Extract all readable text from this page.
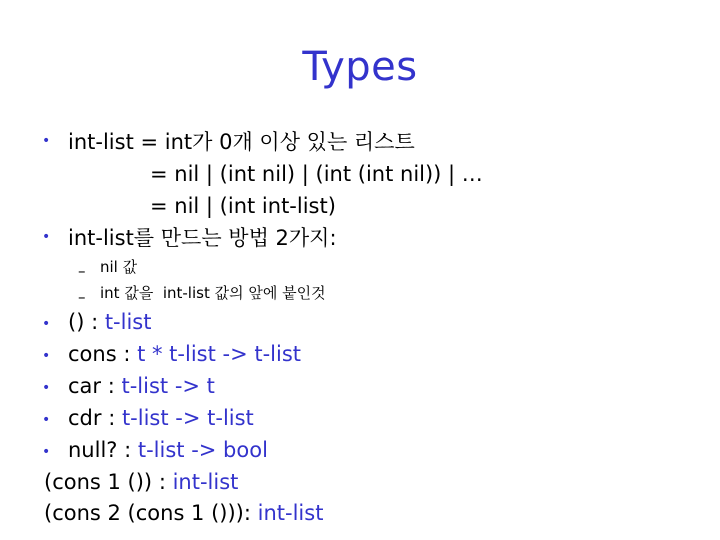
Types
• int-list = int가 0개 이상 있는 리스트
= nil | (int nil) | (int (int nil)) | …
= nil | (int int-list)
• int-list를 만드는 방법 2가지:
– nil 값
– int 값을  int-list 값의 앞에 붙인것
• () : t-list
• cons : t * t-list -> t-list
• car : t-list -> t
• cdr : t-list -> t-list
• null? : t-list -> bool
(cons 1 ()) : int-list
(cons 2 (cons 1 ())): int-list
